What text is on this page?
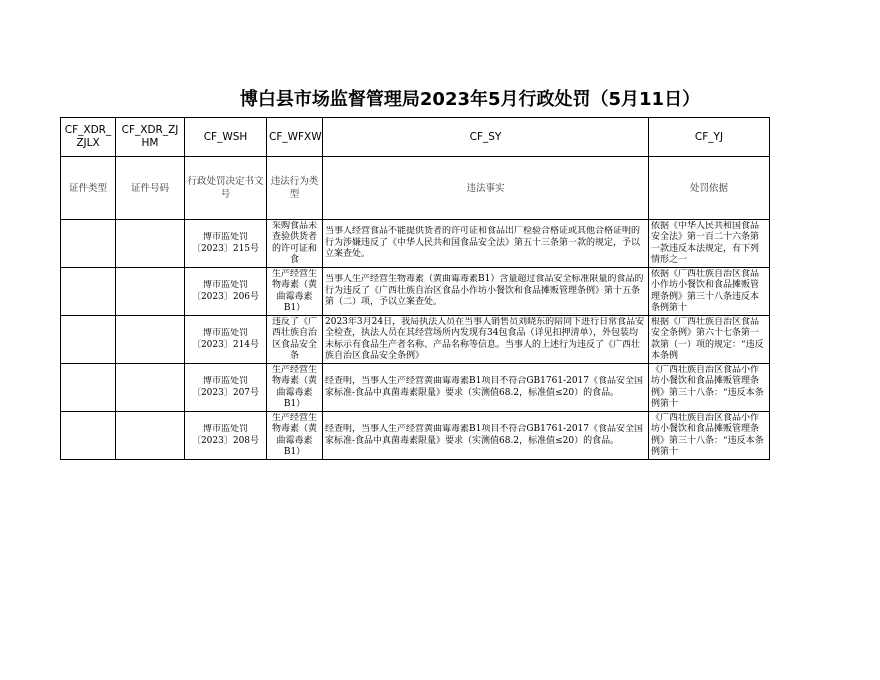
博白县市场监督管理局2023年5月行政处罚（5月11日）
CF_XDR_ZJLX	CF_XDR_ZJHM	CF_WSH	CF_WFXW	CF_SY	CF_YJ
证件类型	证件号码	行政处罚决定书文号	违法行为类型	违法事实	处罚依据

		博市监处罚〔2023〕215号	采购食品未查验供货者的许可证和食	当事人经营食品不能提供货者的许可证和食品出厂检验合格证或其他合格证明的行为涉嫌违反了《中华人民共和国食品安全法》第五十三条第一款的规定，予以立案查处。	依据《中华人民共和国食品安全法》第一百二十六条第一款违反本法规定，有下列情形之一

		博市监处罚〔2023〕206号	生产经营生物毒素（黄曲霉毒素B1）	当事人生产经营生物毒素（黄曲霉毒素B1）含量超过食品安全标准限量的食品的行为违反了《广西壮族自治区食品小作坊小餐饮和食品摊贩管理条例》第十五条第（二）项，予以立案查处。	依据《广西壮族自治区食品小作坊小餐饮和食品摊贩管理条例》第三十八条违反本条例第十

		博市监处罚〔2023〕214号	违反了《广西壮族自治区食品安全条	2023年3月24日，我局执法人员在当事人销售员刘晓东的陪同下进行日常食品安全检查，执法人员在其经营场所内发现有34包食品（详见扣押清单），外包装均未标示有食品生产者名称、产品名称等信息。当事人的上述行为违反了《广西壮族自治区食品安全条例》	根据《广西壮族自治区食品安全条例》第六十七条第一款第（一）项的规定：“违反本条例

		博市监处罚〔2023〕207号	生产经营生物毒素（黄曲霉毒素B1）	经查明，当事人生产经营黄曲霉毒素B1项目不符合GB1761-2017《食品安全国家标准-食品中真菌毒素限量》要求（实测值68.2，标准值≤20）的食品。	《广西壮族自治区食品小作坊小餐饮和食品摊贩管理条例》第三十八条：“违反本条例第十

		博市监处罚〔2023〕208号	生产经营生物毒素（黄曲霉毒素B1）	经查明，当事人生产经营黄曲霉毒素B1项目不符合GB1761-2017《食品安全国家标准-食品中真菌毒素限量》要求（实测值68.2，标准值≤20）的食品。	《广西壮族自治区食品小作坊小餐饮和食品摊贩管理条例》第三十八条：“违反本条例第十
